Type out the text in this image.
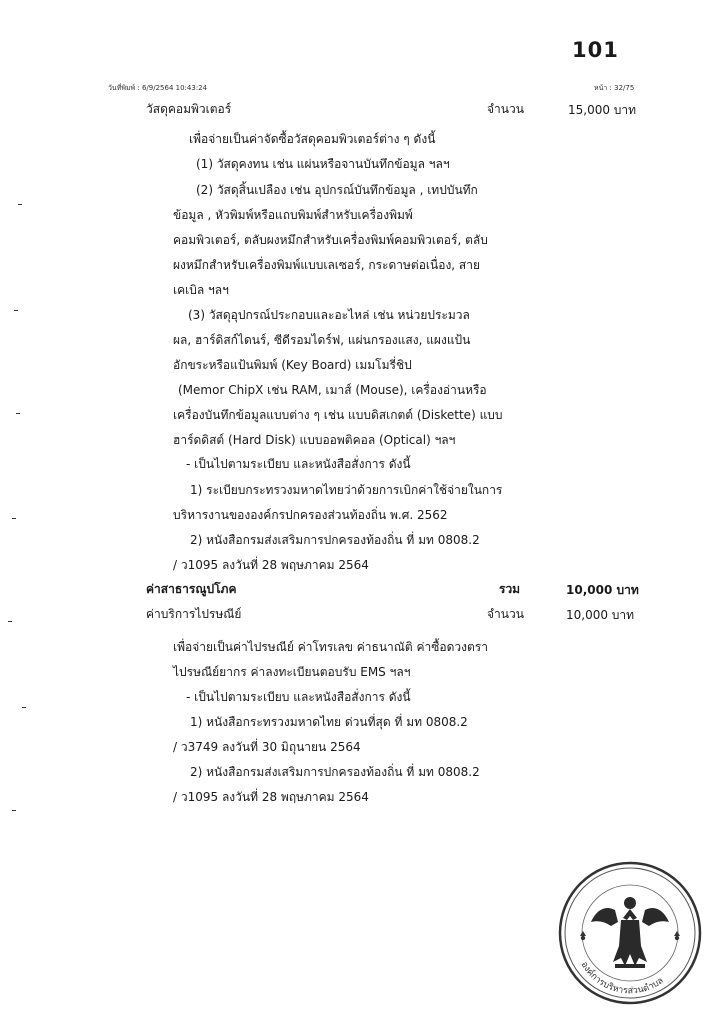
101
วันที่พิมพ์ : 6/9/2564 10:43:24	หน้า : 32/75
วัสดุคอมพิวเตอร์	จำนวน	15,000 บาท
เพื่อจ่ายเป็นค่าจัดซื้อวัสดุคอมพิวเตอร์ต่าง ๆ ดังนี้
(1) วัสดุคงทน เช่น แผ่นหรือจานบันทึกข้อมูล ฯลฯ
(2) วัสดุสิ้นเปลือง เช่น อุปกรณ์บันทึกข้อมูล , เทปบันทึก
ข้อมูล , หัวพิมพ์หรือแถบพิมพ์สำหรับเครื่องพิมพ์
คอมพิวเตอร์, ตลับผงหมึกสำหรับเครื่องพิมพ์คอมพิวเตอร์, ตลับ
ผงหมึกสำหรับเครื่องพิมพ์แบบเลเซอร์, กระดาษต่อเนื่อง, สาย
เคเบิล ฯลฯ
(3) วัสดุอุปกรณ์ประกอบและอะไหล่ เช่น หน่วยประมวล
ผล, ฮาร์ดิสก์ไดนร์, ซีดีรอมไดร์ฟ, แผ่นกรองแสง, แผงแป้น
อักขระหรือแป้นพิมพ์ (Key Board) เมมโมรี่ชิป
(Memor ChipX เช่น RAM, เมาส์ (Mouse), เครื่องอ่านหรือ
เครื่องบันทึกข้อมูลแบบต่าง ๆ เช่น แบบดิสเกตต์ (Diskette) แบบ
ฮาร์ดดิสต์ (Hard Disk) แบบออพติคอล (Optical) ฯลฯ
- เป็นไปตามระเบียบ และหนังสือสั่งการ ดังนี้
1) ระเบียบกระทรวงมหาดไทยว่าด้วยการเบิกค่าใช้จ่ายในการ
บริหารงานขององค์กรปกครองส่วนท้องถิ่น พ.ศ. 2562
2) หนังสือกรมส่งเสริมการปกครองท้องถิ่น ที่ มท 0808.2
/ ว1095 ลงวันที่ 28 พฤษภาคม 2564
ค่าสาธารณูปโภค	รวม	10,000 บาท
ค่าบริการไปรษณีย์	จำนวน	10,000 บาท
เพื่อจ่ายเป็นค่าไปรษณีย์ ค่าโทรเลข ค่าธนาณัติ ค่าซื้อดวงตรา
ไปรษณีย์ยากร ค่าลงทะเบียนตอบรับ EMS ฯลฯ
- เป็นไปตามระเบียบ และหนังสือสั่งการ ดังนี้
1) หนังสือกระทรวงมหาดไทย ด่วนที่สุด ที่ มท 0808.2
/ ว3749 ลงวันที่ 30 มิถุนายน 2564
2) หนังสือกรมส่งเสริมการปกครองท้องถิ่น ที่ มท 0808.2
/ ว1095 ลงวันที่ 28 พฤษภาคม 2564
องค์การบริหารส่วนตำบล
